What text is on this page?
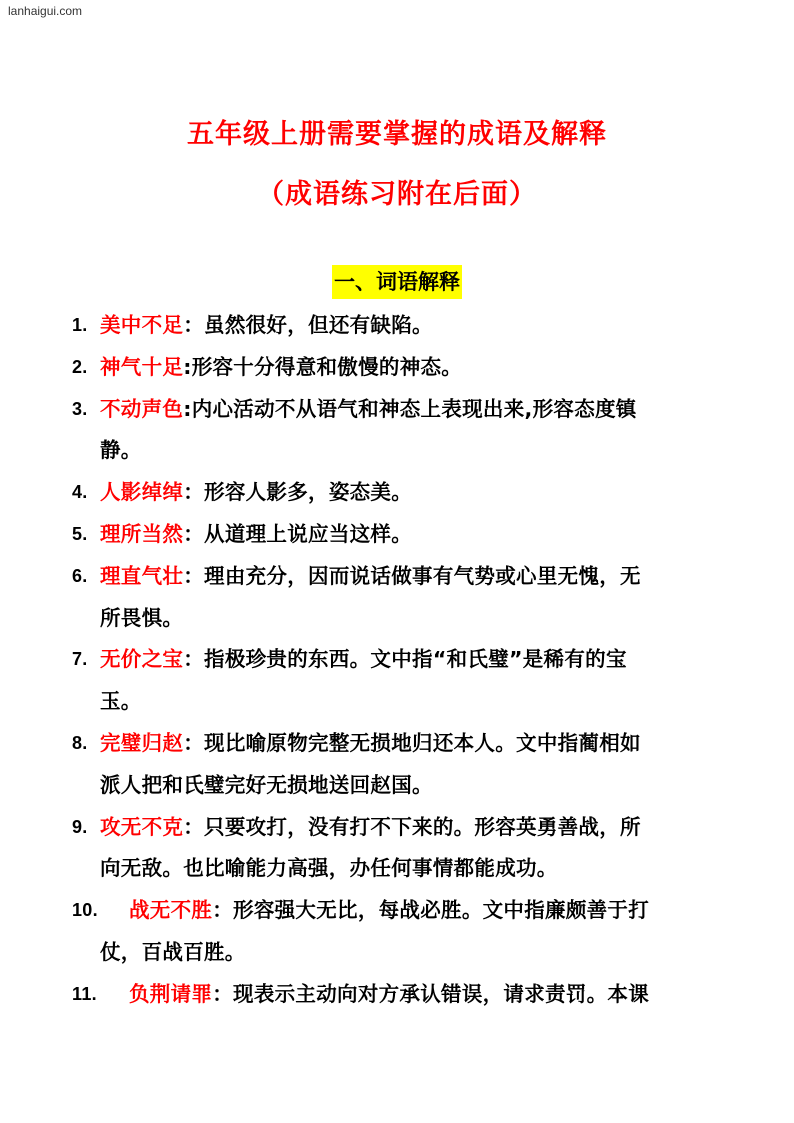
lanhaigui.com
五年级上册需要掌握的成语及解释
（成语练习附在后面）
一、词语解释
1. 美中不足：虽然很好，但还有缺陷。
2. 神气十足:形容十分得意和傲慢的神态。
3. 不动声色:内心活动不从语气和神态上表现出来,形容态度镇
静。
4. 人影绰绰：形容人影多，姿态美。
5. 理所当然：从道理上说应当这样。
6. 理直气壮：理由充分，因而说话做事有气势或心里无愧，无
所畏惧。
7. 无价之宝：指极珍贵的东西。文中指“和氏璧”是稀有的宝
玉。
8. 完璧归赵：现比喻原物完整无损地归还本人。文中指蔺相如
派人把和氏璧完好无损地送回赵国。
9. 攻无不克：只要攻打，没有打不下来的。形容英勇善战，所
向无敌。也比喻能力高强，办任何事情都能成功。
10. 战无不胜：形容强大无比，每战必胜。文中指廉颇善于打
仗，百战百胜。
11. 负荆请罪：现表示主动向对方承认错误，请求责罚。本课
